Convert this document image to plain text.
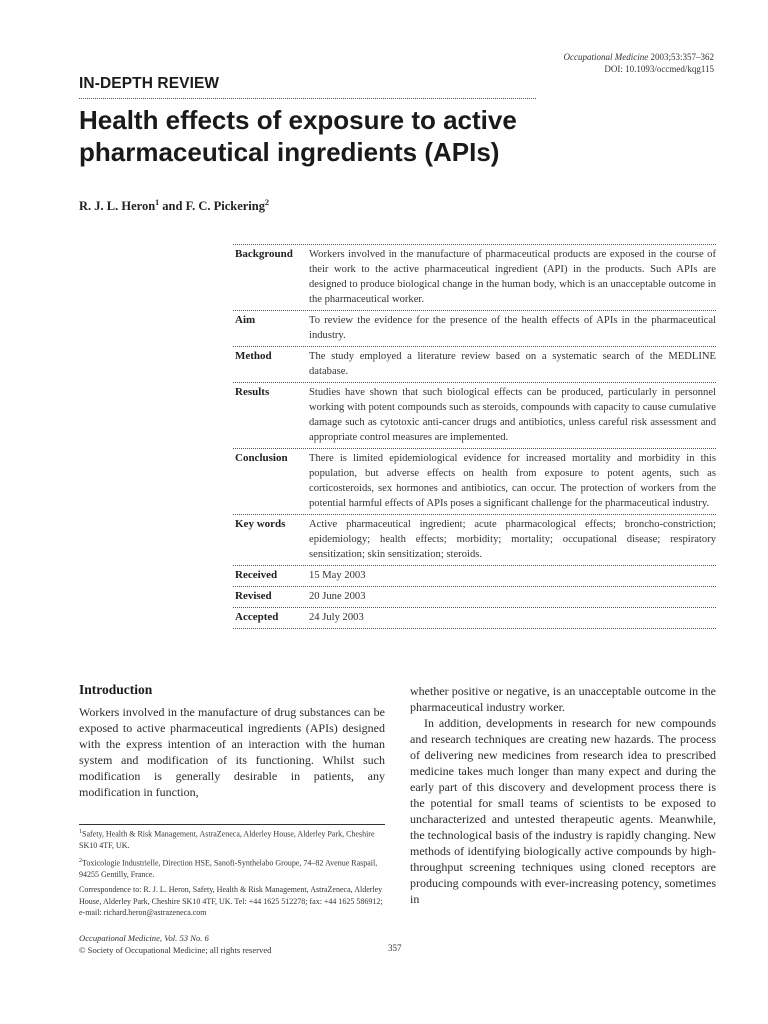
Occupational Medicine 2003;53:357–362
DOI: 10.1093/occmed/kqg115
IN-DEPTH REVIEW
Health effects of exposure to active
pharmaceutical ingredients (APIs)
R. J. L. Heron$^1$ and F. C. Pickering$^2$
Background	Workers involved in the manufacture of pharmaceutical products are exposed in the course of their work to the active pharmaceutical ingredient (API) in the products. Such APIs are designed to produce biological change in the human body, which is an unacceptable outcome in the pharmaceutical worker.
Aim	To review the evidence for the presence of the health effects of APIs in the pharmaceutical industry.
Method	The study employed a literature review based on a systematic search of the MEDLINE database.
Results	Studies have shown that such biological effects can be produced, particularly in personnel working with potent compounds such as steroids, compounds with capacity to cause cumulative damage such as cytotoxic anti-cancer drugs and antibiotics, unless careful risk assessment and appropriate control measures are implemented.
Conclusion	There is limited epidemiological evidence for increased mortality and morbidity in this population, but adverse effects on health from exposure to potent agents, such as corticosteroids, sex hormones and antibiotics, can occur. The protection of workers from the potential harmful effects of APIs poses a significant challenge for the pharmaceutical industry.
Key words	Active pharmaceutical ingredient; acute pharmacological effects; broncho-constriction; epidemiology; health effects; morbidity; mortality; occupational disease; respiratory sensitization; skin sensitization; steroids.
Received	15 May 2003
Revised	20 June 2003
Accepted	24 July 2003
Introduction

Workers involved in the manufacture of drug substances can be exposed to active pharmaceutical ingredients (APIs) designed with the express intention of an interaction with the human system and modification of its functioning. Whilst such modification is generally desirable in patients, any modification in function,

$^1$Safety, Health & Risk Management, AstraZeneca, Alderley House, Alderley Park, Cheshire SK10 4TF, UK.

$^2$Toxicologie Industrielle, Direction HSE, Sanofi-Synthelabo Groupe, 74–82 Avenue Raspail, 94255 Gentilly, France.

Correspondence to: R. J. L. Heron, Safety, Health & Risk Management, AstraZeneca, Alderley House, Alderley Park, Cheshire SK10 4TF, UK. Tel: +44 1625 512278; fax: +44 1625 586912; e-mail: richard.heron@astrazeneca.com

whether positive or negative, is an unacceptable outcome in the pharmaceutical industry worker.

In addition, developments in research for new compounds and research techniques are creating new hazards. The process of delivering new medicines from research idea to prescribed medicine takes much longer than many expect and during the early part of this discovery and development process there is the potential for small teams of scientists to be exposed to uncharacterized and untested therapeutic agents. Meanwhile, the technological basis of the industry is rapidly changing. New methods of identifying biologically active compounds by high-throughput screening techniques using cloned receptors are producing compounds with ever-increasing potency, sometimes in

Occupational Medicine, Vol. 53 No. 6
© Society of Occupational Medicine; all rights reserved	357
